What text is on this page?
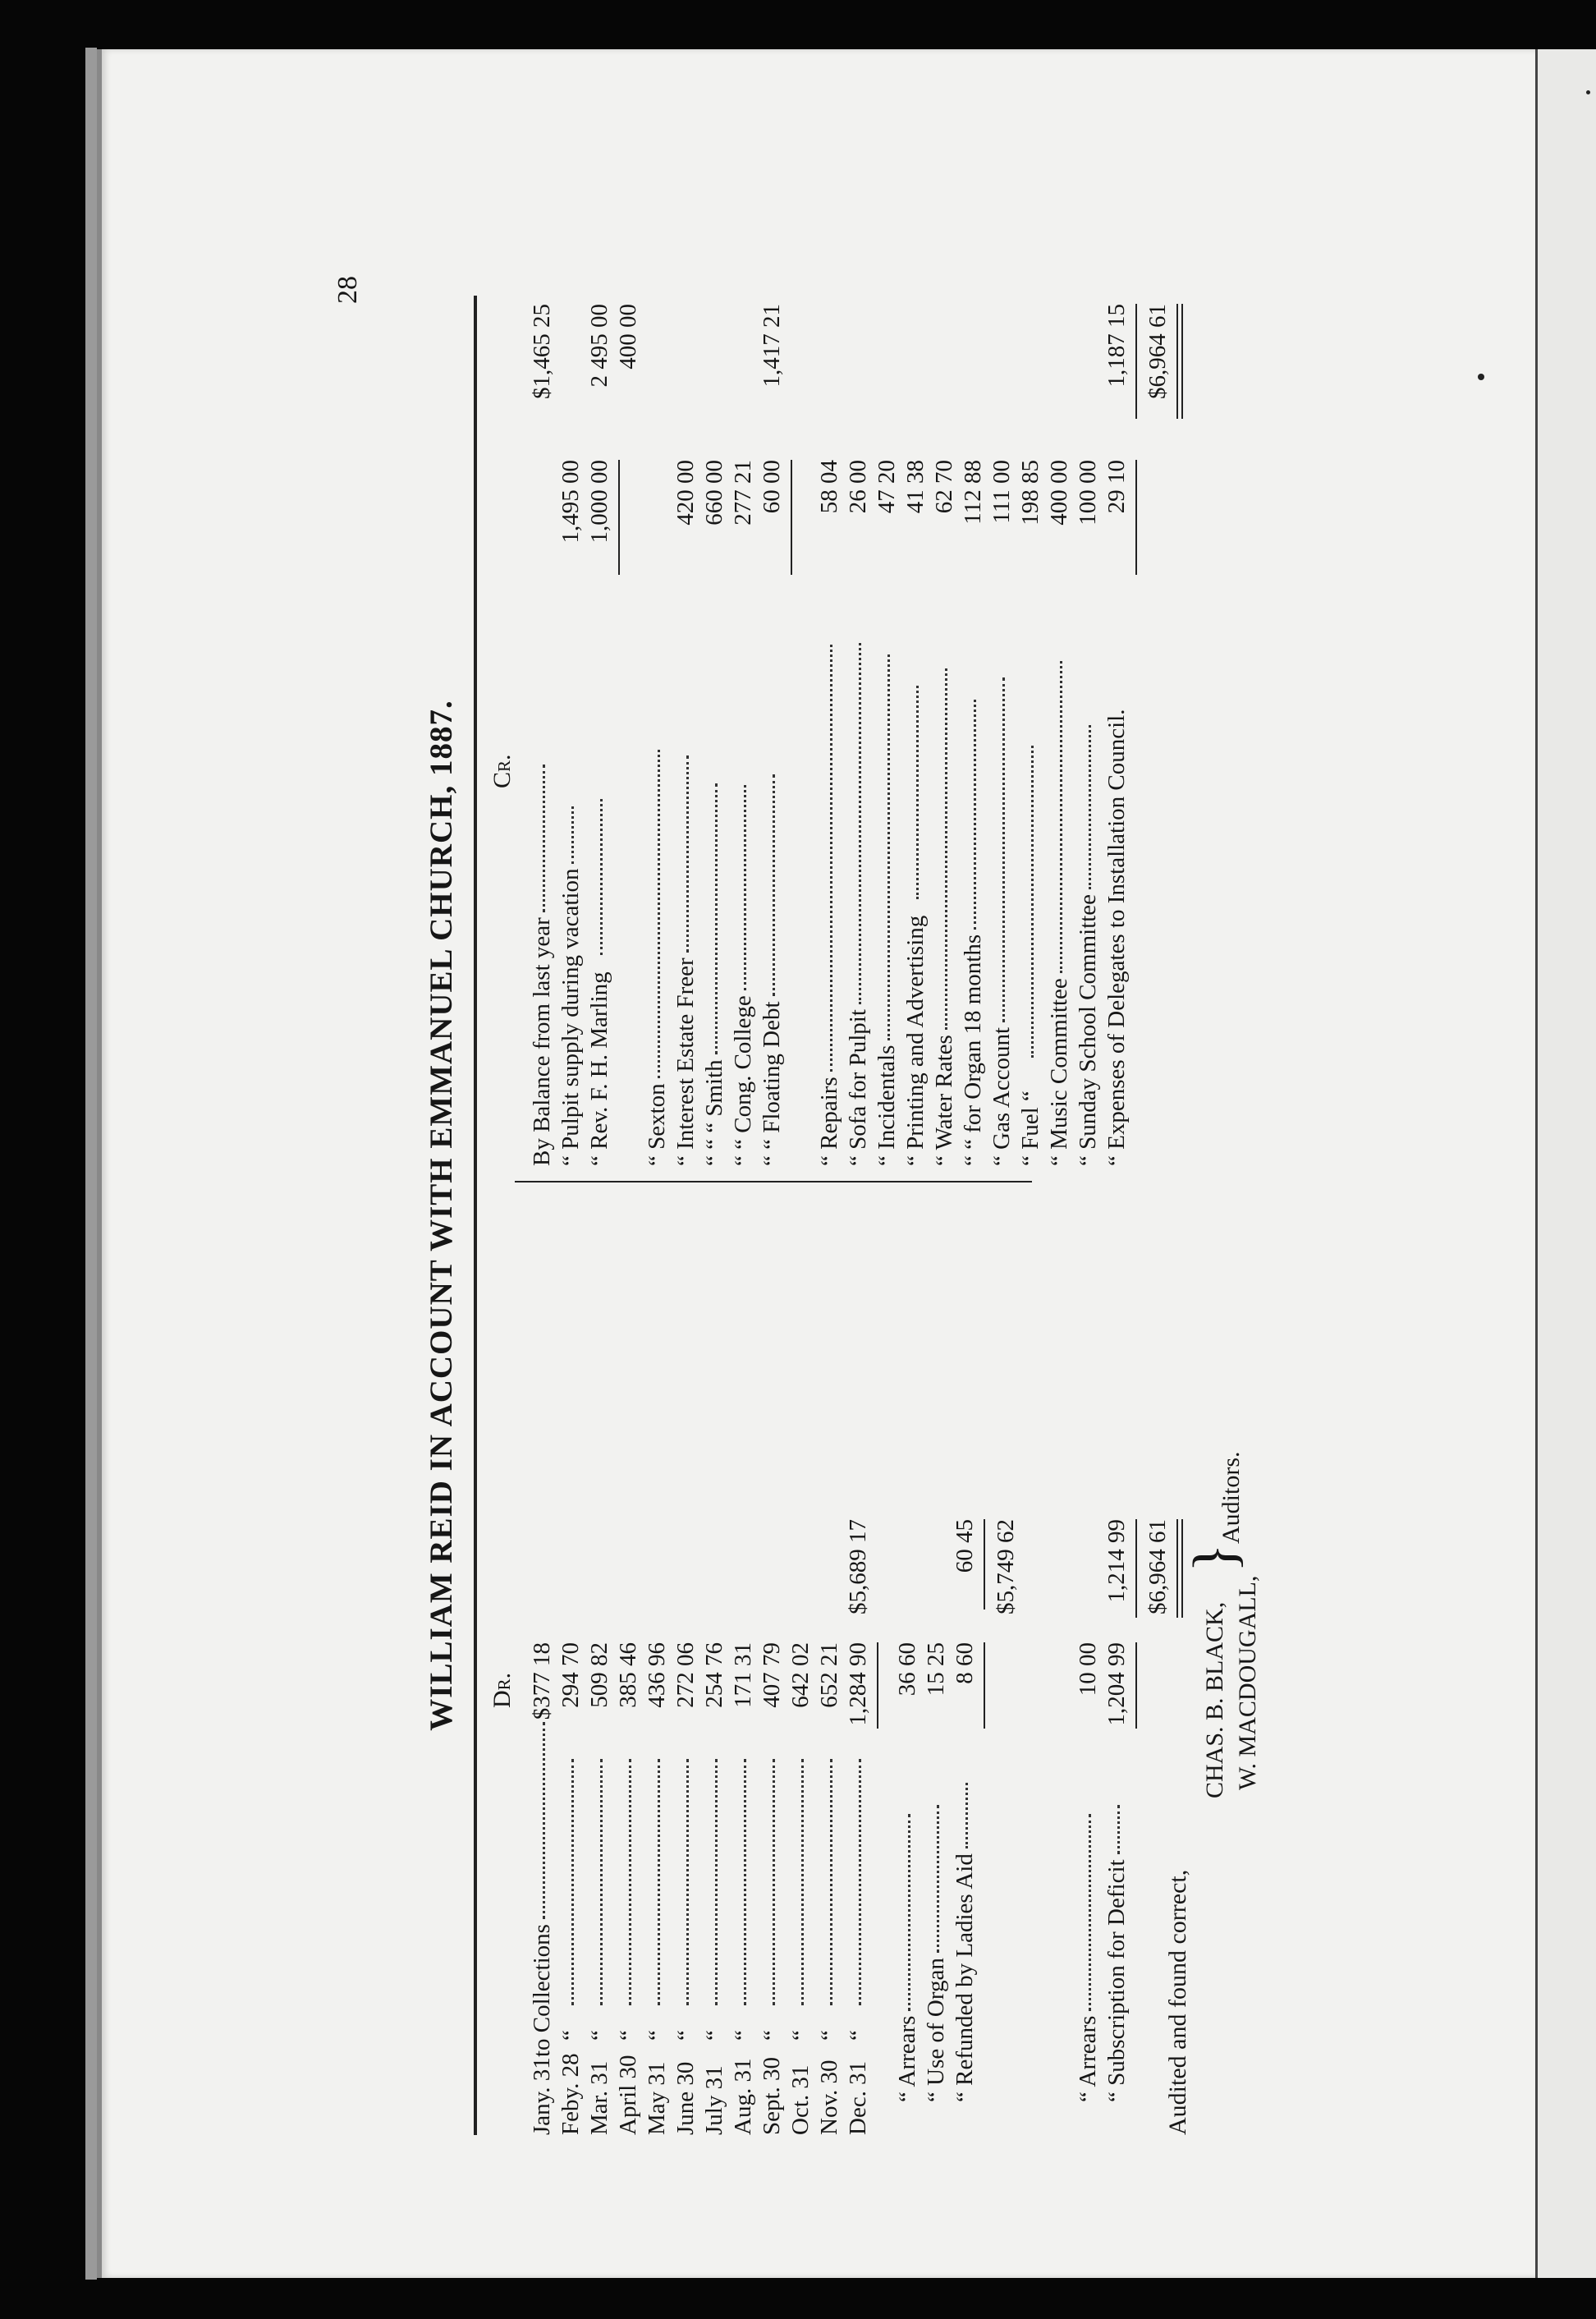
28
WILLIAM REID IN ACCOUNT WITH EMMANUEL CHURCH, 1887. Dr.
Cr.
Jany. 31
to Collections
$377 18
Feby. 28
“
294 70
Mar. 31
“
509 82
April 30
“
385 46
May 31
“
436 96
June 30
“
272 06
July 31
“
254 76
Aug. 31
“
171 31
Sept. 30
“
407 79
Oct. 31
“
642 02
Nov. 30
“
652 21
Dec. 31
“
1,284 90
$5,689 17
“ Arrears
36 60
“ Use of Organ
15 25
“ Refunded by Ladies Aid
8 60
60 45 $5,749 62
“ Arrears
10 00
“ Subscription for Deficit
1,204 99
1,214 99 $6,964 61
By Balance from last year
$1,465 25
“ Pulpit supply during vacation
1,495 00
“ Rev. F. H. Marling
1,000 00
2 495 00
“ Sexton
400 00
“ Interest Estate Freer
420 00
“ “ “ Smith
660 00
“ “ Cong. College
277 21
“ “ Floating Debt
60 00
1,417 21
“ Repairs
58 04
“ Sofa for Pulpit
26 00
“ Incidentals
47 20
“ Printing and Advertising
41 38
“ Water Rates
62 70
“ “ for Organ 18 months
112 88
“ Gas Account
111 00
“ Fuel “
198 85
“ Music Committee
400 00
“ Sunday School Committee
100 00
“ Expenses of Delegates to Installation Council.
29 10
1,187 15 $6,964 61
Audited and found correct,
CHAS. B. BLACK, W. MACDOUGALL,
}
Auditors.
